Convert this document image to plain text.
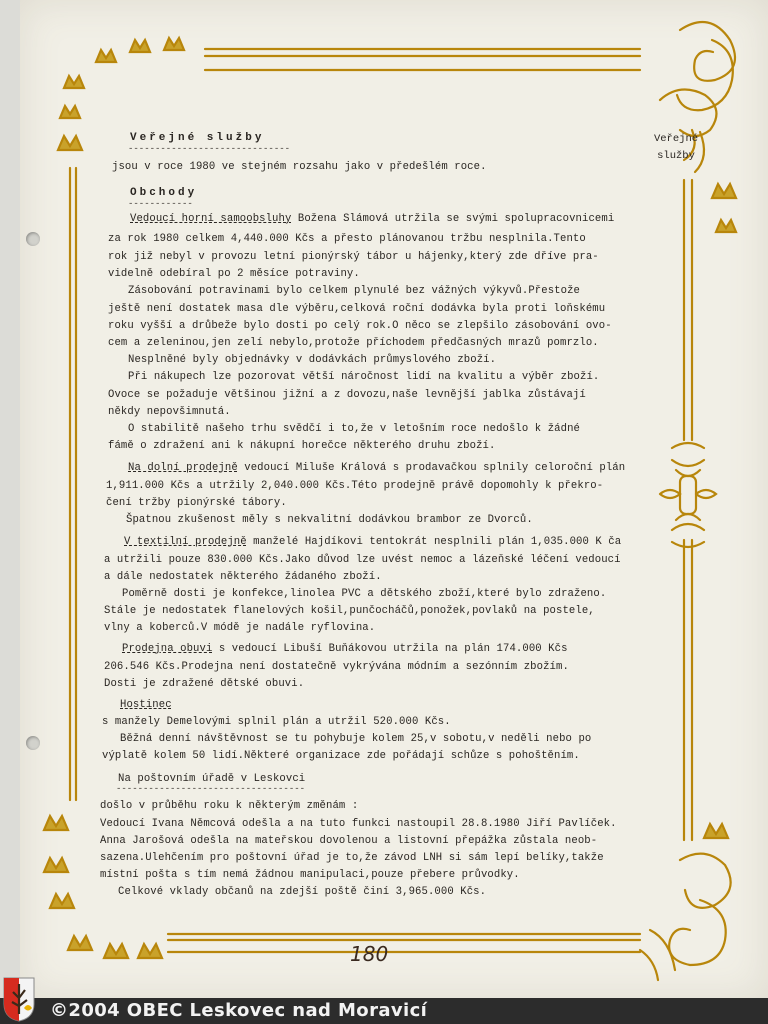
Veřejné
služby
Veřejné služby
------------------------------
jsou v roce 1980 ve stejném rozsahu jako v předešlém roce.
Obchody
------------
Vedoucí horní samoobsluhy Božena Slámová utržila se svými spolupracovnicemi
za rok 1980 celkem 4,440.000 Kčs a přesto plánovanou tržbu nesplnila.Tento
rok již nebyl v provozu letní pionýrský tábor u hájenky,který zde dříve pra-
videlně odebíral po 2 měsíce potraviny.
Zásobování potravinami bylo celkem plynulé bez vážných výkyvů.Přestože
ještě není dostatek masa dle výběru,celková roční dodávka byla proti loňskému
roku vyšší a drůbeže bylo dosti po celý rok.O něco se zlepšilo zásobování ovo-
cem a zeleninou,jen zelí nebylo,protože příchodem předčasných mrazů pomrzlo.
Nesplněné byly objednávky v dodávkách průmyslového zboží.
Při nákupech lze pozorovat větší náročnost lidí na kvalitu a výběr zboží.
Ovoce se požaduje většinou jižní a z dovozu,naše levnější jablka zůstávají
někdy nepovšimnutá.
O stabilitě našeho trhu svědčí i to,že v letošním roce nedošlo k žádné
fámě o zdražení ani k nákupní horečce některého druhu zboží.
Na dolní prodejně vedoucí Miluše Králová s prodavačkou splnily celoroční plán
1,911.000 Kčs a utržily 2,040.000 Kčs.Této prodejně právě dopomohly k překro-
čení tržby pionýrské tábory.
Špatnou zkušenost měly s nekvalitní dodávkou brambor ze Dvorců.
V textilní prodejně manželé Hajdíkovi tentokrát nesplnili plán 1,035.000 K ča
a utržili pouze 830.000 Kčs.Jako důvod lze uvést nemoc a lázeňské léčení vedoucí
a dále nedostatek některého žádaného zboží.
Poměrně dosti je konfekce,linolea PVC a dětského zboží,které bylo zdraženo.
Stále je nedostatek flanelových košil,punčocháčů,ponožek,povlaků na postele,
vlny a koberců.V módě je nadále ryflovina.
Prodejna obuvi s vedoucí Libuší Buňákovou utržila na plán 174.000 Kčs
206.546 Kčs.Prodejna není dostatečně vykrývána módním a sezónním zbožím.
Dosti je zdražené dětské obuvi.
Hostinec
s manžely Demelovými splnil plán a utržil 520.000 Kčs.
Běžná denní návštěvnost se tu pohybuje kolem 25,v sobotu,v neděli nebo po
výplatě kolem 50 lidí.Některé organizace zde pořádají schůze s pohoštěním.
Na poštovním úřadě v Leskovci
-----------------------------------
došlo v průběhu roku k některým změnám :
Vedoucí Ivana Němcová odešla a na tuto funkci nastoupil 28.8.1980 Jiří Pavlíček.
Anna Jarošová odešla na mateřskou dovolenou a listovní přepážka zůstala neob-
sazena.Ulehčením pro poštovní úřad je to,že závod LNH si sám lepí belíky,takže
místní pošta s tím nemá žádnou manipulaci,pouze přebere průvodky.
Celkové vklady občanů na zdejší poště činí 3,965.000 Kčs.
180
©2004 OBEC Leskovec nad Moravicí
